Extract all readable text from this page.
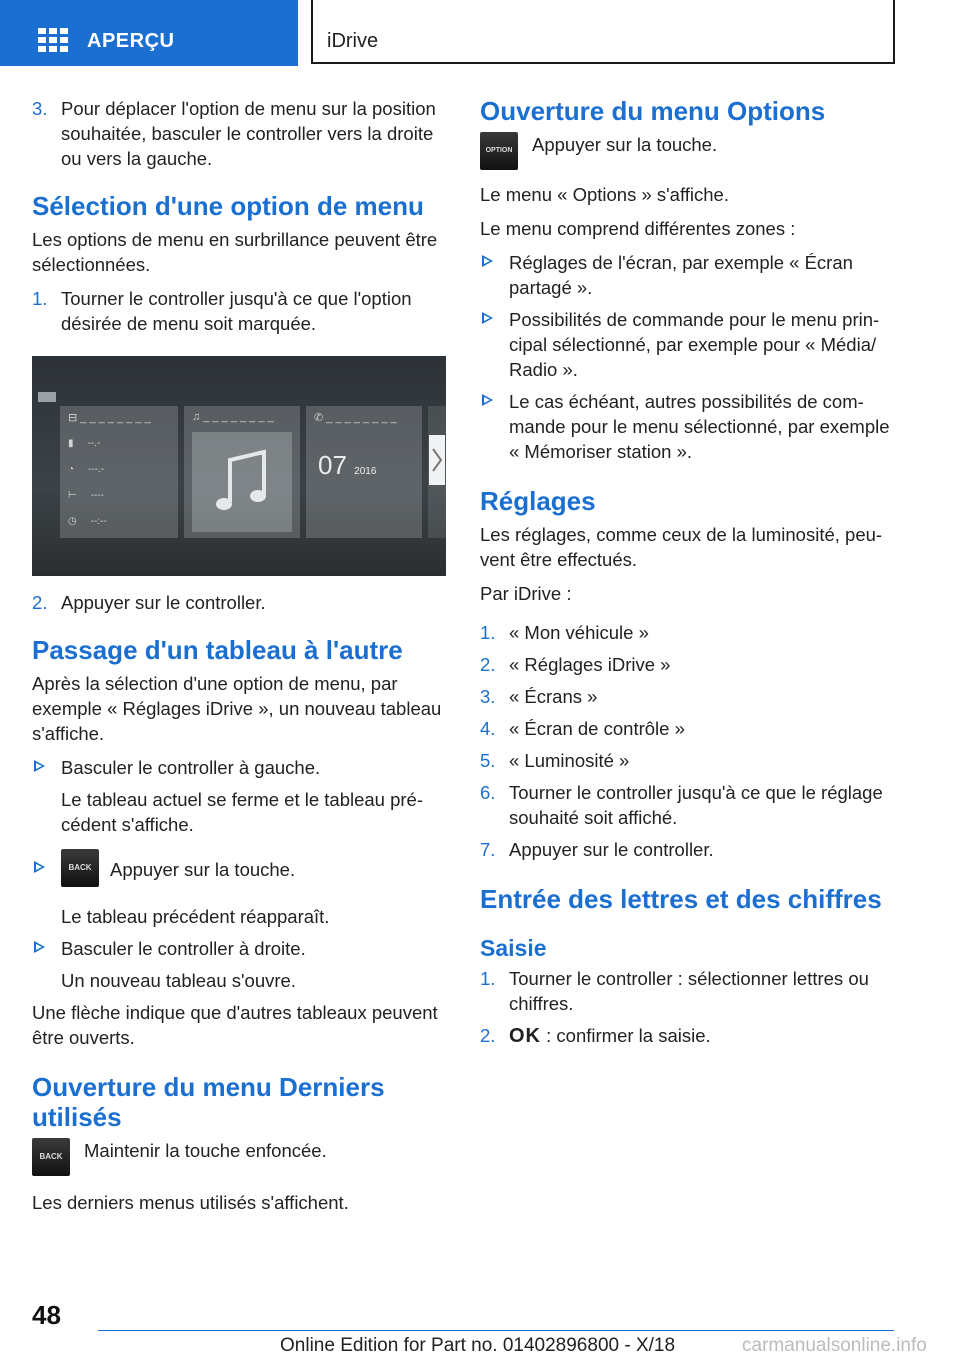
APERÇU	iDrive
3. Pour déplacer l'option de menu sur la position souhaitée, basculer le controller vers la droite ou vers la gauche.
Sélection d'une option de menu

Les options de menu en surbrillance peuvent être sélectionnées.

1. Tourner le controller jusqu'à ce que l'option désirée de menu soit marquée.
⊟ _ _ _ _ _ _ _ _
▮     --.-
◔     ---.-
⊢     ----
◷     --:--
♫ _ _ _ _ _ _ _ _	✆ _ _ _ _ _ _ _ _
07 2016
2. Appuyer sur le controller.
Passage d'un tableau à l'autre

Après la sélection d'une option de menu, par exemple « Réglages iDrive », un nouveau tableau s'affiche.

Basculer le controller à gauche.
Le tableau actuel se ferme et le tableau précédent s'affiche.
BACK Appuyer sur la touche.
Le tableau précédent réapparaît.
Basculer le controller à droite.
Un nouveau tableau s'ouvre.

Une flèche indique que d'autres tableaux peuvent être ouverts.

Ouverture du menu Derniers utilisés
BACK	Maintenir la touche enfoncée.

Les derniers menus utilisés s'affichent.

Ouverture du menu Options
OPTION	Appuyer sur la touche.

Le menu « Options » s'affiche.

Le menu comprend différentes zones :

Réglages de l'écran, par exemple « Écran partagé ».
Possibilités de commande pour le menu principal sélectionné, par exemple pour « Média/ Radio ».
Le cas échéant, autres possibilités de commande pour le menu sélectionné, par exemple « Mémoriser station ».
Réglages

Les réglages, comme ceux de la luminosité, peuvent être effectués.

Par iDrive :

1. « Mon véhicule »
2. « Réglages iDrive »
3. « Écrans »
4. « Écran de contrôle »
5. « Luminosité »
6. Tourner le controller jusqu'à ce que le réglage souhaité soit affiché.
7. Appuyer sur le controller.
Entrée des lettres et des chiffres
Saisie
1. Tourner le controller : sélectionner lettres ou chiffres.
2. OK : confirmer la saisie.
48
Online Edition for Part no. 01402896800 - X/18	carmanualsonline.info
